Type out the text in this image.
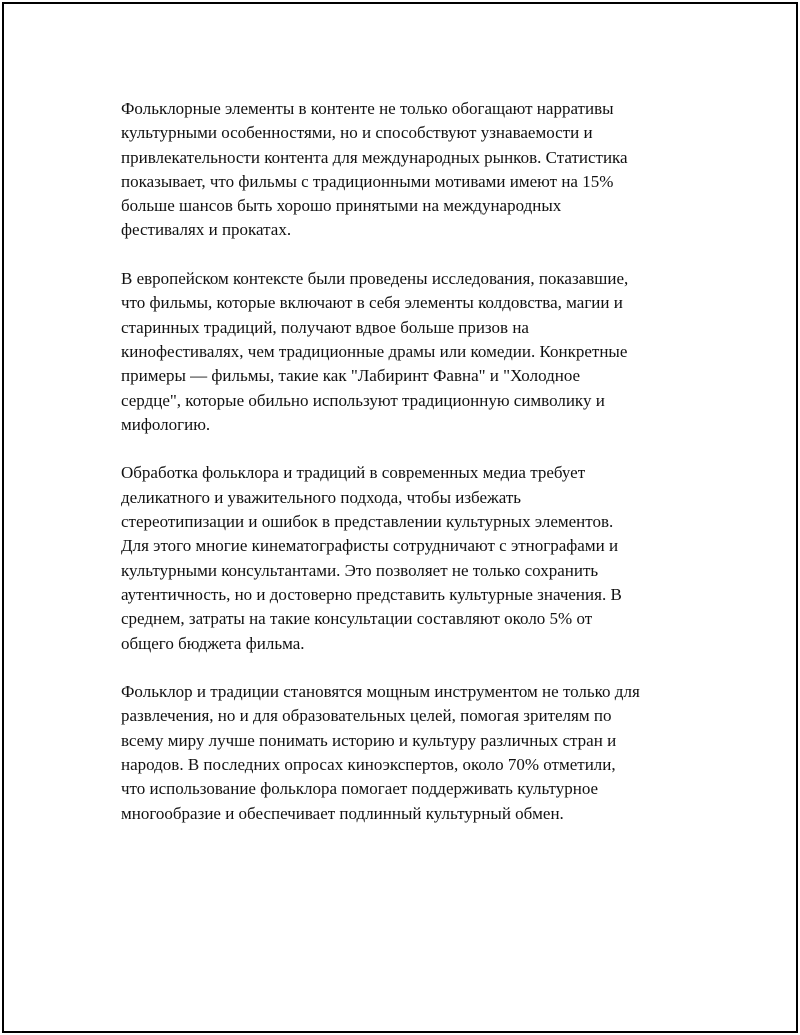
Фольклорные элементы в контенте не только обогащают нарративы
культурными особенностями, но и способствуют узнаваемости и
привлекательности контента для международных рынков. Статистика
показывает, что фильмы с традиционными мотивами имеют на 15%
больше шансов быть хорошо принятыми на международных
фестивалях и прокатах.

В европейском контексте были проведены исследования, показавшие,
что фильмы, которые включают в себя элементы колдовства, магии и
старинных традиций, получают вдвое больше призов на
кинофестивалях, чем традиционные драмы или комедии. Конкретные
примеры — фильмы, такие как "Лабиринт Фавна" и "Холодное
сердце", которые обильно используют традиционную символику и
мифологию.

Обработка фольклора и традиций в современных медиа требует
деликатного и уважительного подхода, чтобы избежать
стереотипизации и ошибок в представлении культурных элементов.
Для этого многие кинематографисты сотрудничают с этнографами и
культурными консультантами. Это позволяет не только сохранить
аутентичность, но и достоверно представить культурные значения. В
среднем, затраты на такие консультации составляют около 5% от
общего бюджета фильма.

Фольклор и традиции становятся мощным инструментом не только для
развлечения, но и для образовательных целей, помогая зрителям по
всему миру лучше понимать историю и культуру различных стран и
народов. В последних опросах киноэкспертов, около 70% отметили,
что использование фольклора помогает поддерживать культурное
многообразие и обеспечивает подлинный культурный обмен.
